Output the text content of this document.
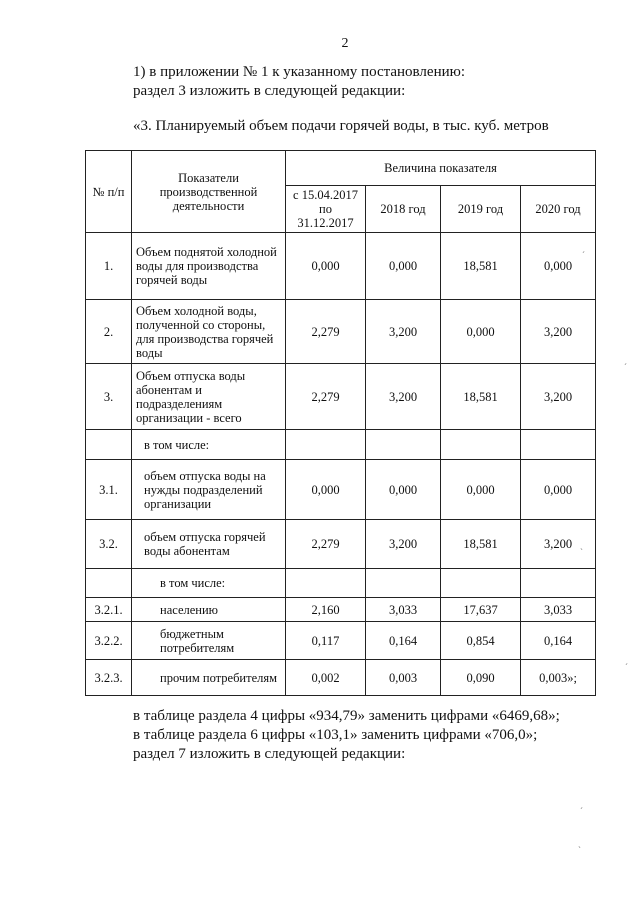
2
1) в приложении № 1 к указанному постановлению:
раздел 3 изложить в следующей редакции:
«3. Планируемый объем подачи горячей воды, в тыс. куб. метров
№ п/п	Показатели производственной деятельности	Величина показателя			
		с 15.04.2017 по 31.12.2017	2018 год	2019 год	2020 год
1.	Объем поднятой холодной воды для производства горячей воды	0,000	0,000	18,581	0,000
2.	Объем холодной воды, полученной со стороны, для производства горячей воды	2,279	3,200	0,000	3,200
3.	Объем отпуска воды абонентам и подразделениям организации - всего	2,279	3,200	18,581	3,200
	в том числе:				
3.1.	объем отпуска воды на нужды подразделений организации	0,000	0,000	0,000	0,000
3.2.	объем отпуска горячей воды абонентам	2,279	3,200	18,581	3,200
	в том числе:				
3.2.1.	населению	2,160	3,033	17,637	3,033
3.2.2.	бюджетным потребителям	0,117	0,164	0,854	0,164
3.2.3.	прочим потребителям	0,002	0,003	0,090	0,003»;
в таблице раздела 4 цифры «934,79» заменить цифрами «6469,68»;
в таблице раздела 6 цифры «103,1» заменить цифрами «706,0»;
раздел 7 изложить в следующей редакции:
ˊ
ˊ
ˏ
ˊ
ˊ
ˏ
